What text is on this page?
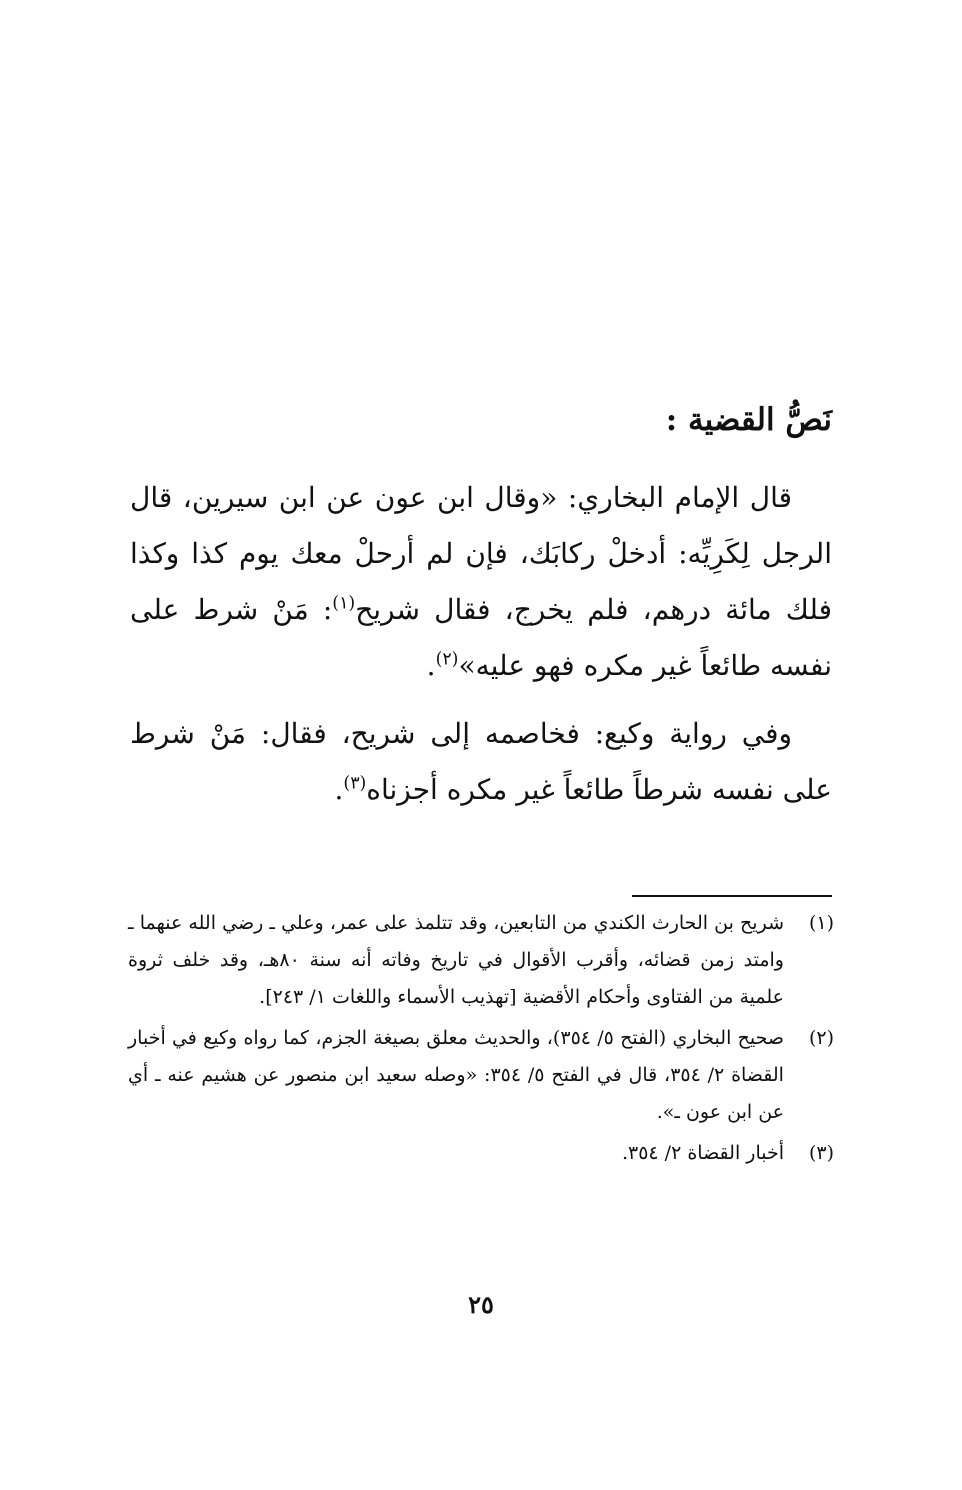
نَصُّ القضية :

قال الإمام البخاري: «وقال ابن عون عن ابن سيرين، قال الرجل لِكَرِيِّه: أدخلْ ركابَك، فإن لم أرحلْ معك يوم كذا وكذا فلك مائة درهم، فلم يخرج، فقال شريح$^{(١)}$: مَنْ شرط على نفسه طائعاً غير مكره فهو عليه»$^{(٢)}$.

وفي رواية وكيع: فخاصمه إلى شريح، فقال: مَنْ شرط على نفسه شرطاً طائعاً غير مكره أجزناه$^{(٣)}$.

(١)
شريح بن الحارث الكندي من التابعين، وقد تتلمذ على عمر، وعلي ـ رضي الله عنهما ـ وامتد زمن قضائه، وأقرب الأقوال في تاريخ وفاته أنه سنة ٨٠هـ، وقد خلف ثروة علمية من الفتاوى وأحكام الأقضية [تهذيب الأسماء واللغات ١/ ٢٤٣].
(٢)
صحيح البخاري (الفتح ٥/ ٣٥٤)، والحديث معلق بصيغة الجزم، كما رواه وكيع في أخبار القضاة ٢/ ٣٥٤، قال في الفتح ٥/ ٣٥٤: «وصله سعيد ابن منصور عن هشيم عنه ـ أي عن ابن عون ـ».
(٣)
أخبار القضاة ٢/ ٣٥٤.
٢٥
